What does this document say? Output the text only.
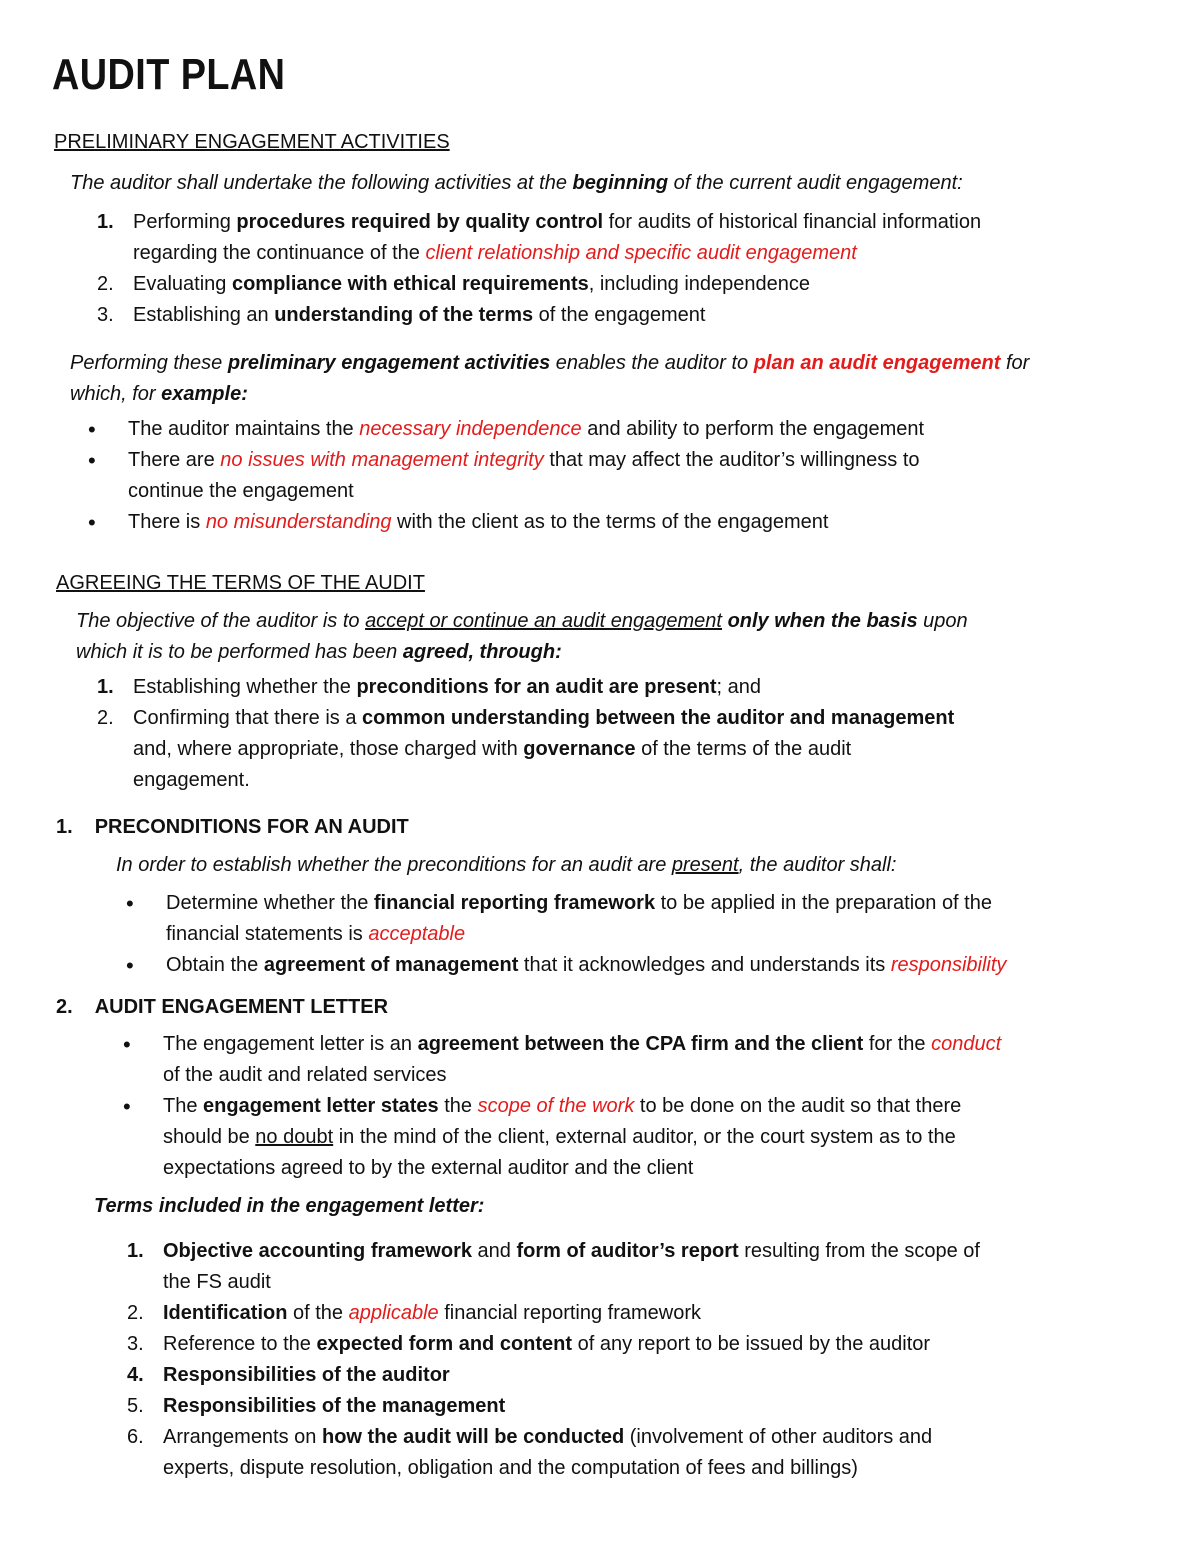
AUDIT PLAN
PRELIMINARY ENGAGEMENT ACTIVITIES
The auditor shall undertake the following activities at the beginning of the current audit engagement:
1. Performing procedures required by quality control for audits of historical financial information
regarding the continuance of the client relationship and specific audit engagement
2. Evaluating compliance with ethical requirements, including independence
3. Establishing an understanding of the terms of the engagement
Performing these preliminary engagement activities enables the auditor to plan an audit engagement for
which, for example:
• The auditor maintains the necessary independence and ability to perform the engagement
• There are no issues with management integrity that may affect the auditor’s willingness to
continue the engagement
• There is no misunderstanding with the client as to the terms of the engagement
AGREEING THE TERMS OF THE AUDIT
The objective of the auditor is to accept or continue an audit engagement only when the basis upon
which it is to be performed has been agreed, through:
1. Establishing whether the preconditions for an audit are present; and
2. Confirming that there is a common understanding between the auditor and management
and, where appropriate, those charged with governance of the terms of the audit
engagement.
1. PRECONDITIONS FOR AN AUDIT
In order to establish whether the preconditions for an audit are present, the auditor shall:
• Determine whether the financial reporting framework to be applied in the preparation of the
financial statements is acceptable
• Obtain the agreement of management that it acknowledges and understands its responsibility
2. AUDIT ENGAGEMENT LETTER
• The engagement letter is an agreement between the CPA firm and the client for the conduct
of the audit and related services
• The engagement letter states the scope of the work to be done on the audit so that there
should be no doubt in the mind of the client, external auditor, or the court system as to the
expectations agreed to by the external auditor and the client
Terms included in the engagement letter:
1. Objective accounting framework and form of auditor’s report resulting from the scope of
the FS audit
2. Identification of the applicable financial reporting framework
3. Reference to the expected form and content of any report to be issued by the auditor
4. Responsibilities of the auditor
5. Responsibilities of the management
6. Arrangements on how the audit will be conducted (involvement of other auditors and
experts, dispute resolution, obligation and the computation of fees and billings)
